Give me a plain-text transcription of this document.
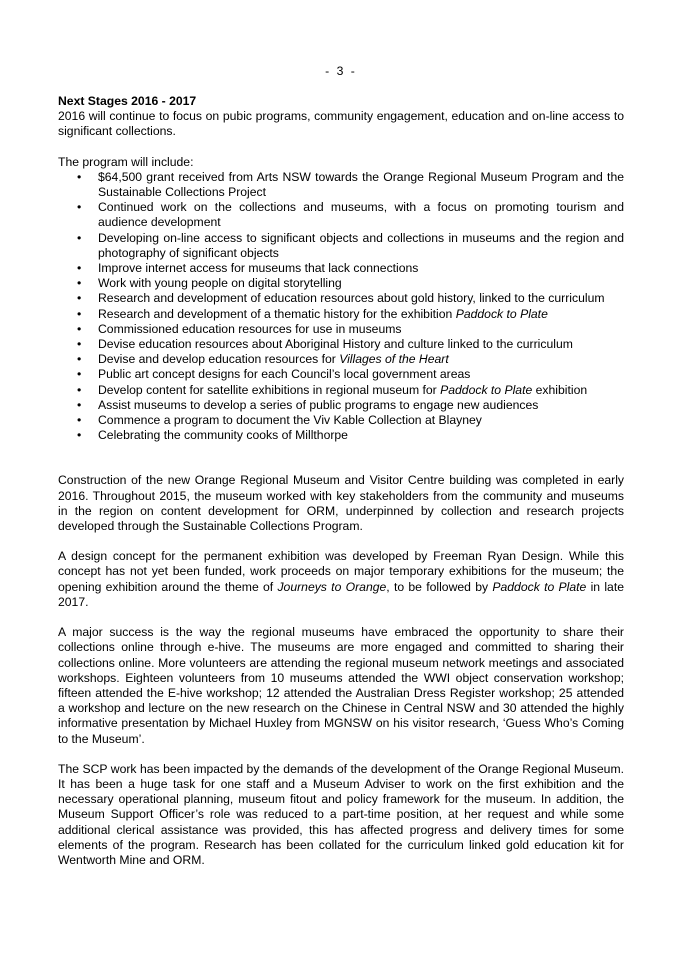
- 3 -
Next Stages 2016 - 2017

2016 will continue to focus on pubic programs, community engagement, education and on-line access to significant collections.

The program will include:

• $64,500 grant received from Arts NSW towards the Orange Regional Museum Program and the Sustainable Collections Project
• Continued work on the collections and museums, with a focus on promoting tourism and audience development
• Developing on-line access to significant objects and collections in museums and the region and photography of significant objects
• Improve internet access for museums that lack connections
• Work with young people on digital storytelling
• Research and development of education resources about gold history, linked to the curriculum
• Research and development of a thematic history for the exhibition Paddock to Plate
• Commissioned education resources for use in museums
• Devise education resources about Aboriginal History and culture linked to the curriculum
• Devise and develop education resources for Villages of the Heart
• Public art concept designs for each Council’s local government areas
• Develop content for satellite exhibitions in regional museum for Paddock to Plate exhibition
• Assist museums to develop a series of public programs to engage new audiences
• Commence a program to document the Viv Kable Collection at Blayney
• Celebrating the community cooks of Millthorpe

Construction of the new Orange Regional Museum and Visitor Centre building was completed in early 2016. Throughout 2015, the museum worked with key stakeholders from the community and museums in the region on content development for ORM, underpinned by collection and research projects developed through the Sustainable Collections Program.

A design concept for the permanent exhibition was developed by Freeman Ryan Design. While this concept has not yet been funded, work proceeds on major temporary exhibitions for the museum; the opening exhibition around the theme of Journeys to Orange, to be followed by Paddock to Plate in late 2017.

A major success is the way the regional museums have embraced the opportunity to share their collections online through e-hive. The museums are more engaged and committed to sharing their collections online. More volunteers are attending the regional museum network meetings and associated workshops. Eighteen volunteers from 10 museums attended the WWI object conservation workshop; fifteen attended the E-hive workshop; 12 attended the Australian Dress Register workshop; 25 attended a workshop and lecture on the new research on the Chinese in Central NSW and 30 attended the highly informative presentation by Michael Huxley from MGNSW on his visitor research, ‘Guess Who’s Coming to the Museum’.

The SCP work has been impacted by the demands of the development of the Orange Regional Museum. It has been a huge task for one staff and a Museum Adviser to work on the first exhibition and the necessary operational planning, museum fitout and policy framework for the museum. In addition, the Museum Support Officer’s role was reduced to a part-time position, at her request and while some additional clerical assistance was provided, this has affected progress and delivery times for some elements of the program. Research has been collated for the curriculum linked gold education kit for Wentworth Mine and ORM.
